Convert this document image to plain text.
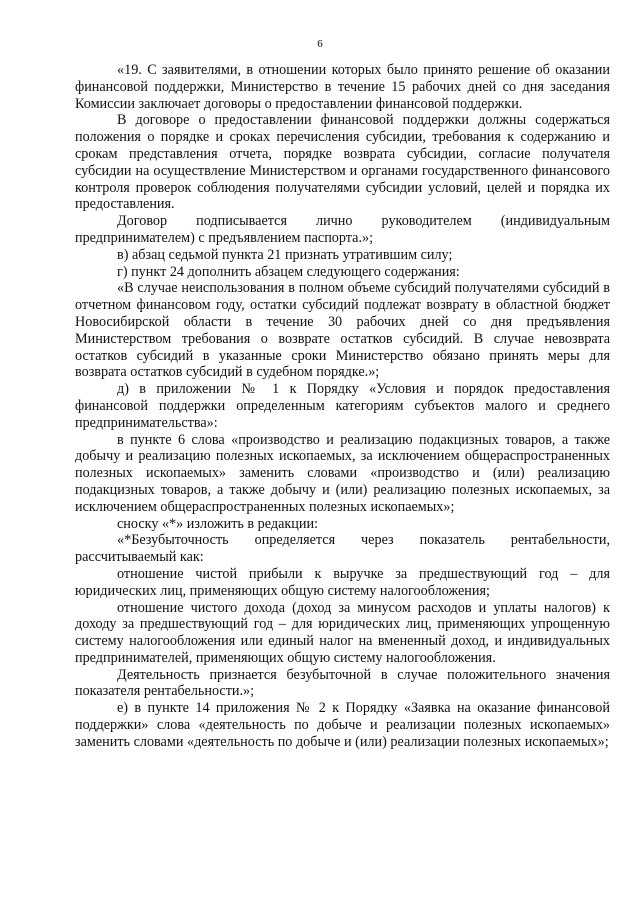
6

«19. С заявителями, в отношении которых было принято решение об оказании финансовой поддержки, Министерство в течение 15 рабочих дней со дня заседания Комиссии заключает договоры о предоставлении финансовой поддержки.

В договоре о предоставлении финансовой поддержки должны содержаться положения о порядке и сроках перечисления субсидии, требования к содержанию и срокам представления отчета, порядке возврата субсидии, согласие получателя субсидии на осуществление Министерством и органами государственного финансового контроля проверок соблюдения получателями субсидии условий, целей и порядка их предоставления.

Договор подписывается лично руководителем (индивидуальным предпринимателем) с предъявлением паспорта.»;

в) абзац седьмой пункта 21 признать утратившим силу;

г) пункт 24 дополнить абзацем следующего содержания:

«В случае неиспользования в полном объеме субсидий получателями субсидий в отчетном финансовом году, остатки субсидий подлежат возврату в областной бюджет Новосибирской области в течение 30 рабочих дней со дня предъявления Министерством требования о возврате остатков субсидий. В случае невозврата остатков субсидий в указанные сроки Министерство обязано принять меры для возврата остатков субсидий в судебном порядке.»;

д) в приложении № 1 к Порядку «Условия и порядок предоставления финансовой поддержки определенным категориям субъектов малого и среднего предпринимательства»:

в пункте 6 слова «производство и реализацию подакцизных товаров, а также добычу и реализацию полезных ископаемых, за исключением общераспространенных полезных ископаемых» заменить словами «производство и (или) реализацию подакцизных товаров, а также добычу и (или) реализацию полезных ископаемых, за исключением общераспространенных полезных ископаемых»;

сноску «*» изложить в редакции:

«*Безубыточность определяется через показатель рентабельности, рассчитываемый как:

отношение чистой прибыли к выручке за предшествующий год – для юридических лиц, применяющих общую систему налогообложения;

отношение чистого дохода (доход за минусом расходов и уплаты налогов) к доходу за предшествующий год – для юридических лиц, применяющих упрощенную систему налогообложения или единый налог на вмененный доход, и индивидуальных предпринимателей, применяющих общую систему налогообложения.

Деятельность признается безубыточной в случае положительного значения показателя рентабельности.»;

е) в пункте 14 приложения № 2 к Порядку «Заявка на оказание финансовой поддержки» слова «деятельность по добыче и реализации полезных ископаемых» заменить словами «деятельность по добыче и (или) реализации полезных ископаемых»;
